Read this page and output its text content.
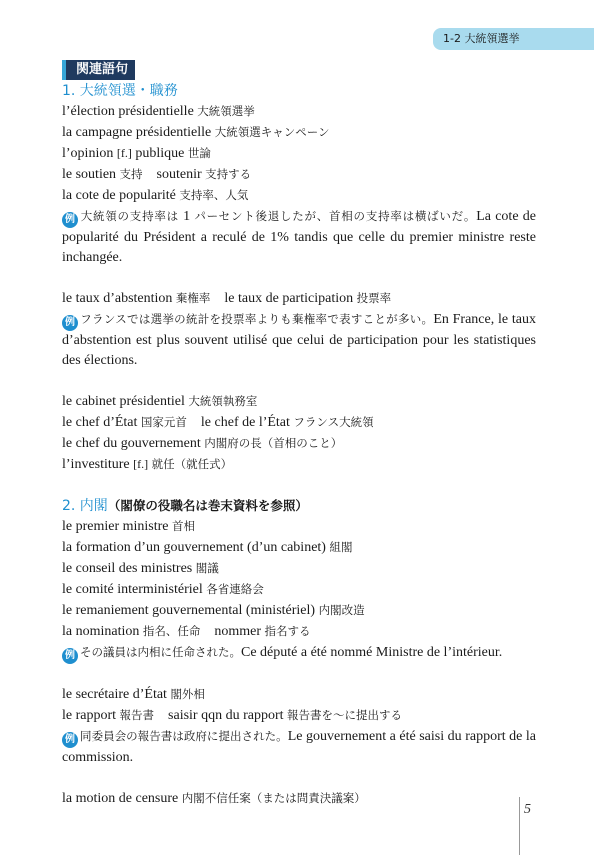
1-2 大統領選挙
関連語句
1. 大統領選・職務
l’élection présidentielle 大統領選挙
la campagne présidentielle 大統領選キャンペーン
l’opinion [f.] publique 世論
le soutien 支持　 soutenir 支持する
la cote de popularité 支持率、人気
例 大統領の支持率は 1 パーセント後退したが、首相の支持率は横ばいだ。La cote de popularité du Président a reculé de 1% tandis que celle du premier ministre reste inchangée.
le taux d’abstention 棄権率　 le taux de participation 投票率
例 フランスでは選挙の統計を投票率よりも棄権率で表すことが多い。En France, le taux d’abstention est plus souvent utilisé que celui de participation pour les statistiques des élections.
le cabinet présidentiel 大統領執務室
le chef d’État 国家元首　 le chef de l’État フランス大統領
le chef du gouvernement 内閣府の長（首相のこと）
l’investiture [f.] 就任（就任式）
2. 内閣（閣僚の役職名は巻末資料を参照）
le premier ministre 首相
la formation d’un gouvernement (d’un cabinet) 組閣
le conseil des ministres 閣議
le comité interministériel 各省連絡会
le remaniement gouvernemental (ministériel) 内閣改造
la nomination 指名、任命　 nommer 指名する
例 その議員は内相に任命された。Ce député a été nommé Ministre de l’intérieur.
le secrétaire d’État 閣外相
le rapport 報告書　 saisir qqn du rapport 報告書を〜に提出する
例 同委員会の報告書は政府に提出された。Le gouvernement a été saisi du rapport de la commission.
la motion de censure 内閣不信任案（または問責決議案）
5
